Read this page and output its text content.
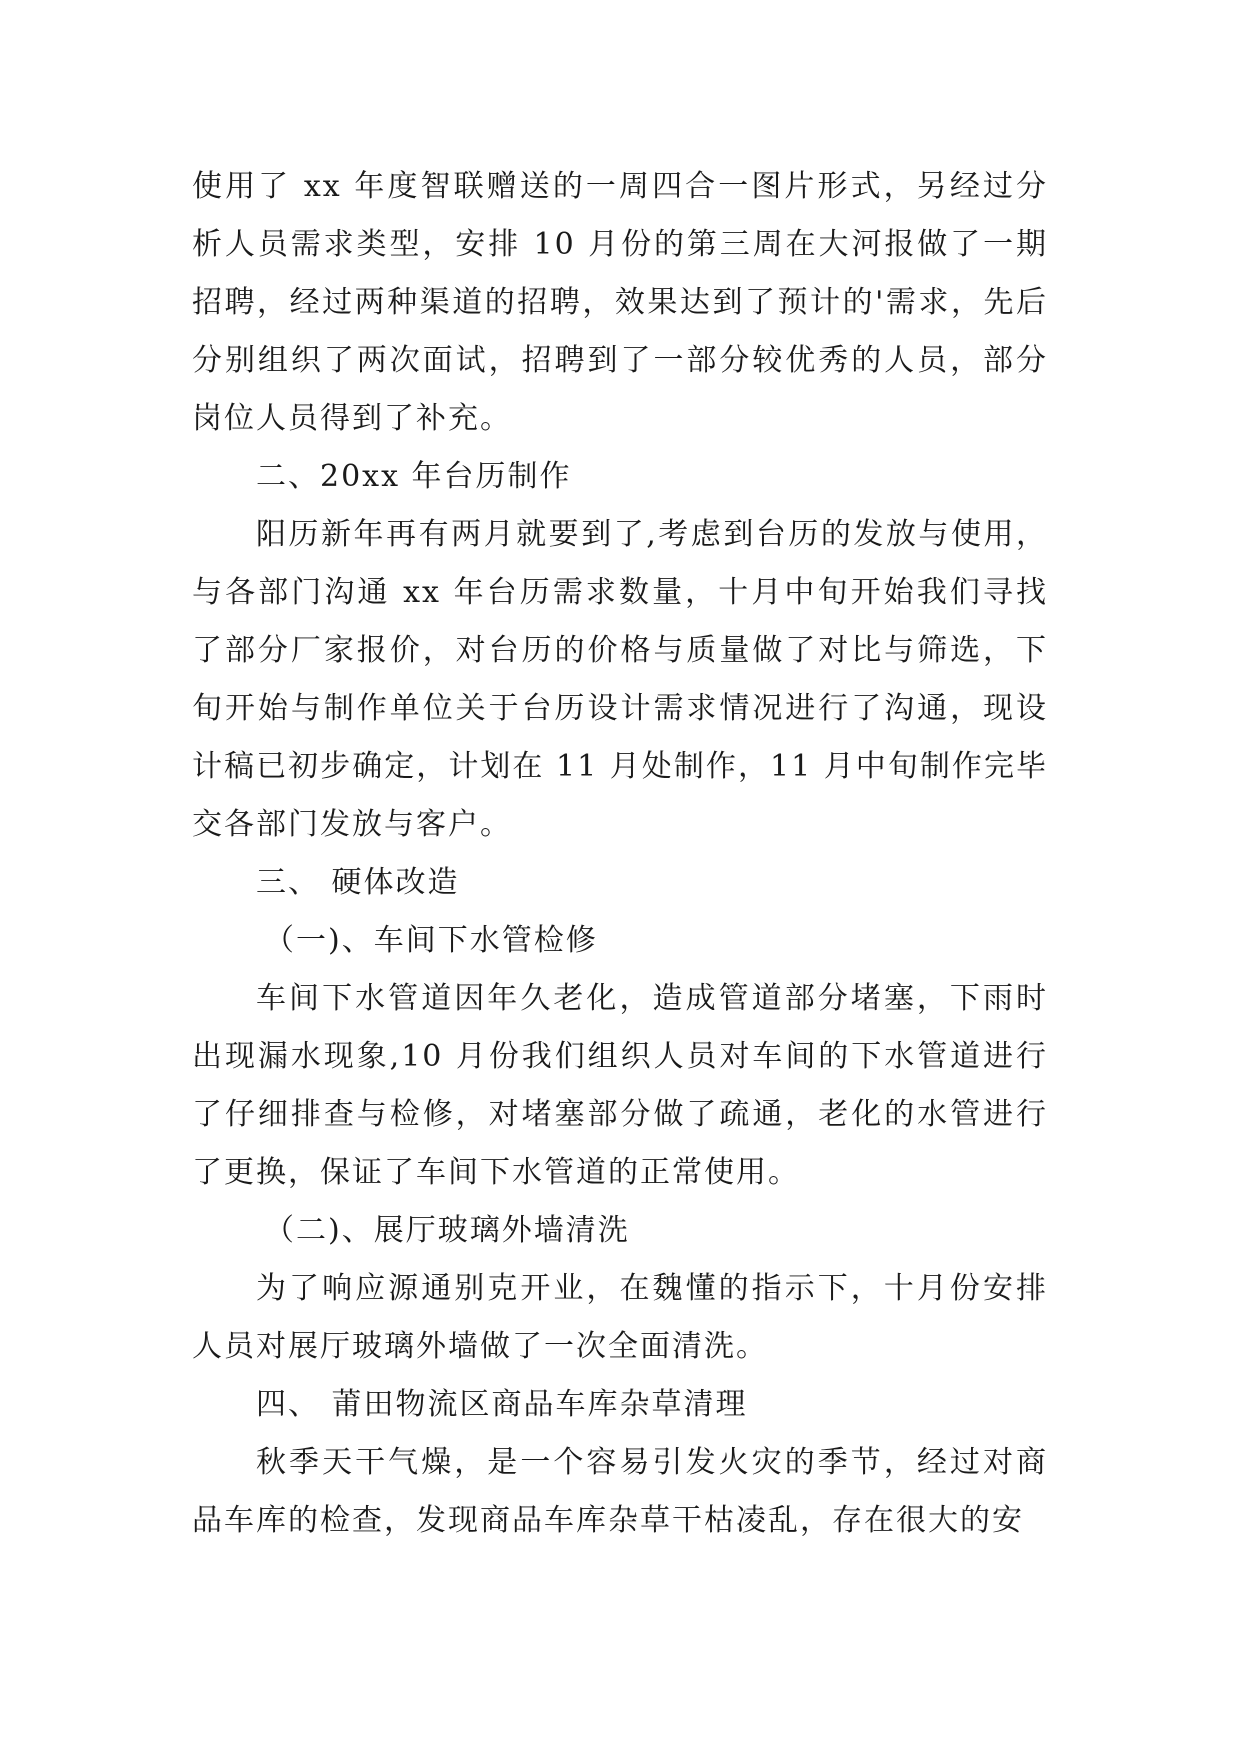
使用了 xx 年度智联赠送的一周四合一图片形式，另经过分析人员需求类型，安排 10 月份的第三周在大河报做了一期招聘，经过两种渠道的招聘，效果达到了预计的'需求，先后分别组织了两次面试，招聘到了一部分较优秀的人员，部分岗位人员得到了补充。

二、20xx 年台历制作

阳历新年再有两月就要到了,考虑到台历的发放与使用，与各部门沟通 xx 年台历需求数量，十月中旬开始我们寻找了部分厂家报价，对台历的价格与质量做了对比与筛选，下旬开始与制作单位关于台历设计需求情况进行了沟通，现设计稿已初步确定，计划在 11 月处制作，11 月中旬制作完毕交各部门发放与客户。

三、 硬体改造

（一)、车间下水管检修

车间下水管道因年久老化，造成管道部分堵塞，下雨时出现漏水现象,10 月份我们组织人员对车间的下水管道进行了仔细排查与检修，对堵塞部分做了疏通，老化的水管进行了更换，保证了车间下水管道的正常使用。

（二)、展厅玻璃外墙清洗

为了响应源通别克开业，在魏懂的指示下，十月份安排人员对展厅玻璃外墙做了一次全面清洗。

四、 莆田物流区商品车库杂草清理

秋季天干气燥，是一个容易引发火灾的季节，经过对商品车库的检查，发现商品车库杂草干枯凌乱，存在很大的安
